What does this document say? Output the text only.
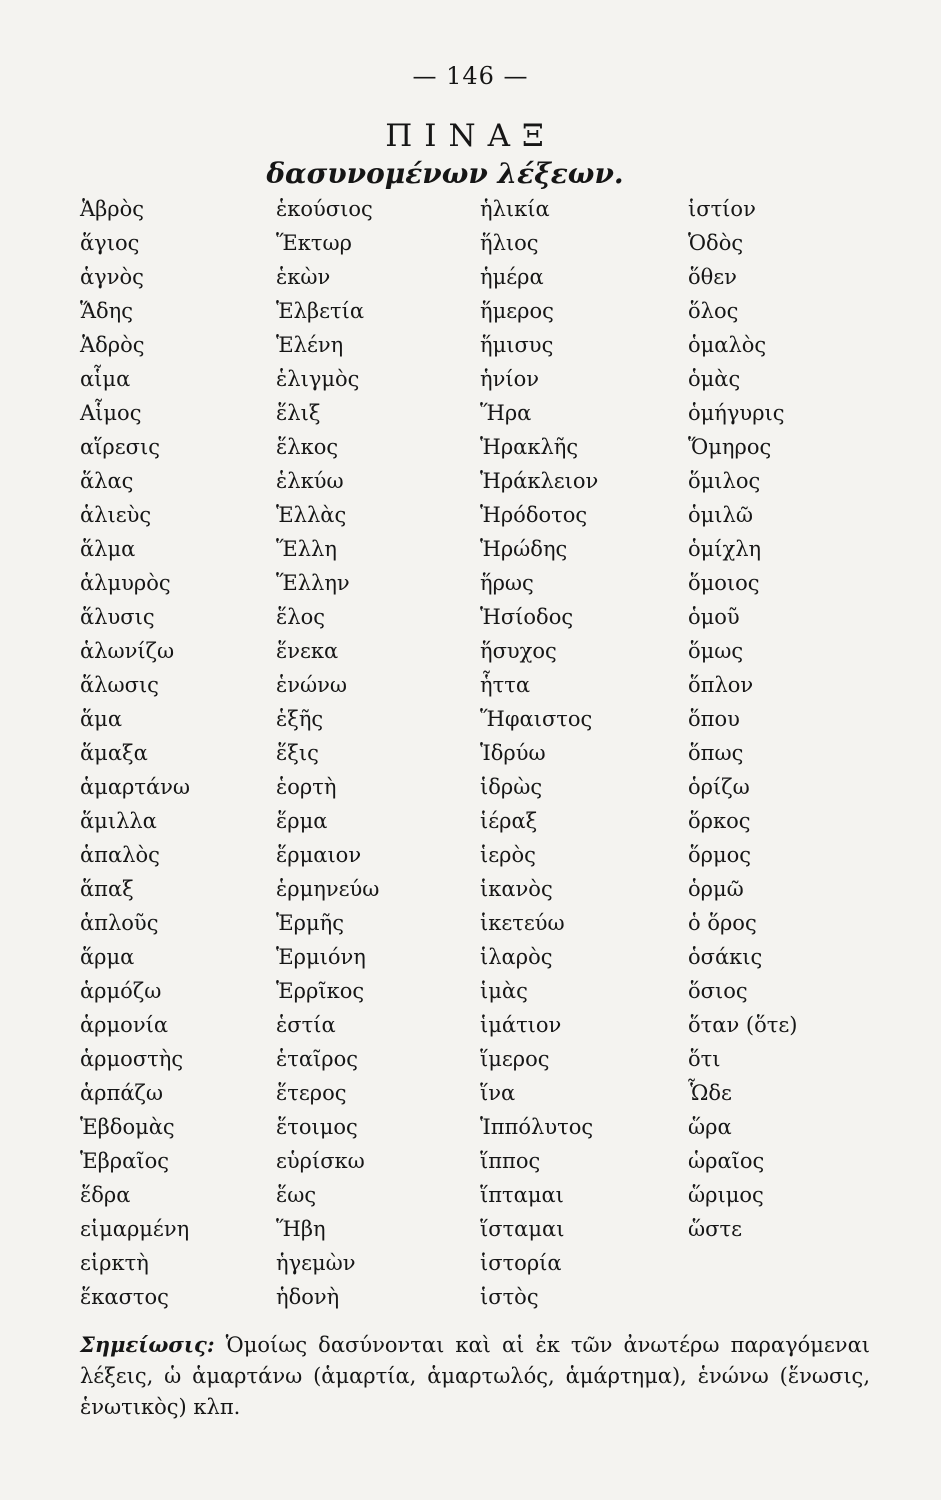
— 146 —
ΠΙΝΑΞ
δασυνομένων λέξεων.
Ἁβρὸς
ἅγιος
ἁγνὸς
Ἅδης
Ἁδρὸς
αἷμα
Αἷμος
αἵρεσις
ἅλας
ἁλιεὺς
ἅλμα
ἁλμυρὸς
ἅλυσις
ἁλωνίζω
ἅλωσις
ἅμα
ἅμαξα
ἁμαρτάνω
ἅμιλλα
ἁπαλὸς
ἅπαξ
ἁπλοῦς
ἅρμα
ἁρμόζω
ἁρμονία
ἁρμοστὴς
ἁρπάζω
Ἑβδομὰς
Ἑβραῖος
ἕδρα
εἱμαρμένη
εἱρκτὴ
ἕκαστος
ἑκούσιος
Ἕκτωρ
ἑκὼν
Ἑλβετία
Ἑλένη
ἑλιγμὸς
ἕλιξ
ἕλκος
ἑλκύω
Ἑλλὰς
Ἕλλη
Ἕλλην
ἕλος
ἕνεκα
ἑνώνω
ἑξῆς
ἕξις
ἑορτὴ
ἕρμα
ἕρμαιον
ἑρμηνεύω
Ἑρμῆς
Ἑρμιόνη
Ἑρρῖκος
ἑστία
ἑταῖρος
ἕτερος
ἕτοιμος
εὑρίσκω
ἕως
Ἥβη
ἡγεμὼν
ἡδονὴ
ἡλικία
ἥλιος
ἡμέρα
ἥμερος
ἥμισυς
ἡνίον
Ἥρα
Ἡρακλῆς
Ἡράκλειον
Ἡρόδοτος
Ἡρώδης
ἥρως
Ἡσίοδος
ἥσυχος
ἧττα
Ἥφαιστος
Ἱδρύω
ἱδρὼς
ἱέραξ
ἱερὸς
ἱκανὸς
ἱκετεύω
ἱλαρὸς
ἱμὰς
ἱμάτιον
ἵμερος
ἵνα
Ἱππόλυτος
ἵππος
ἵπταμαι
ἵσταμαι
ἱστορία
ἱστὸς
ἱστίον
Ὁδὸς
ὅθεν
ὅλος
ὁμαλὸς
ὁμὰς
ὁμήγυρις
Ὅμηρος
ὅμιλος
ὁμιλῶ
ὁμίχλη
ὅμοιος
ὁμοῦ
ὅμως
ὅπλον
ὅπου
ὅπως
ὁρίζω
ὅρκος
ὅρμος
ὁρμῶ
ὁ ὅρος
ὁσάκις
ὅσιος
ὅταν (ὅτε)
ὅτι
Ὧδε
ὥρα
ὡραῖος
ὥριμος
ὥστε

Σημείωσις: Ὁμοίως δασύνονται καὶ αἱ ἐκ τῶν ἀνωτέρω παραγόμεναι λέξεις, ὡ ἁμαρτάνω (ἁμαρτία, ἁμαρτωλός, ἁμάρτημα), ἑνώνω (ἕνωσις, ἑνωτικὸς) κλπ.
